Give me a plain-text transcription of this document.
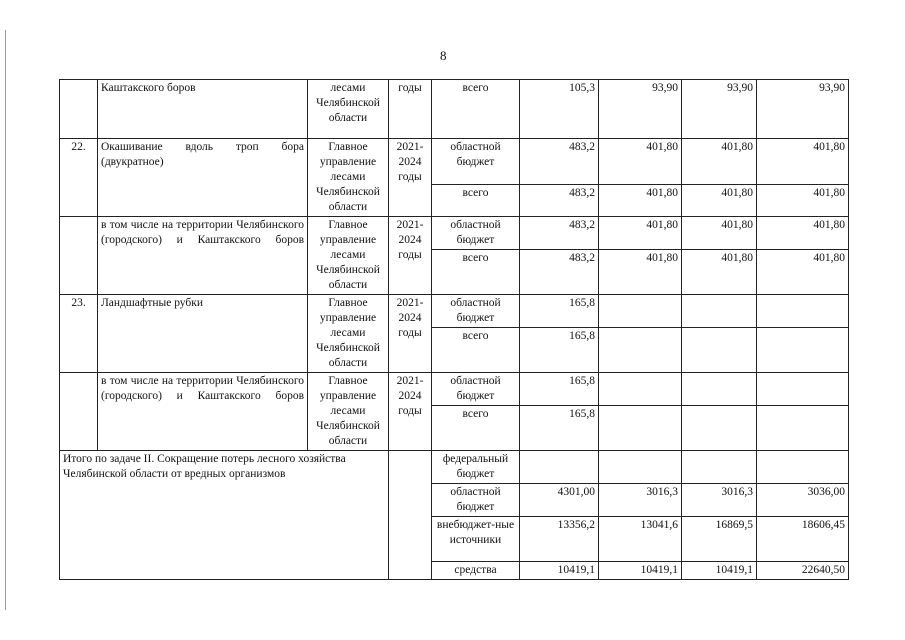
8
	Каштакского боров	лесами Челябинской области	годы	всего	105,3	93,90	93,90	93,90
22.	Окашивание вдоль троп бора (двукратное)	Главное управление лесами Челябинской области	2021-2024 годы	областной бюджет	483,2	401,80	401,80	401,80
				всего	483,2	401,80	401,80	401,80
	в том числе на территории Челябинского (городского) и Каштакского боров	Главное управление лесами Челябинской области	2021-2024 годы	областной бюджет	483,2	401,80	401,80	401,80
				всего	483,2	401,80	401,80	401,80
23.	Ландшафтные рубки	Главное управление лесами Челябинской области	2021-2024 годы	областной бюджет	165,8			
				всего	165,8			
	в том числе на территории Челябинского (городского) и Каштакского боров	Главное управление лесами Челябинской области	2021-2024 годы	областной бюджет	165,8			
				всего	165,8			
Итого по задаче II. Сокращение потерь лесного хозяйства Челябинской области от вредных организмов				федеральный бюджет				
				областной бюджет	4301,00	3016,3	3016,3	3036,00
				внебюджет-ные источники	13356,2	13041,6	16869,5	18606,45
				средства	10419,1	10419,1	10419,1	22640,50
